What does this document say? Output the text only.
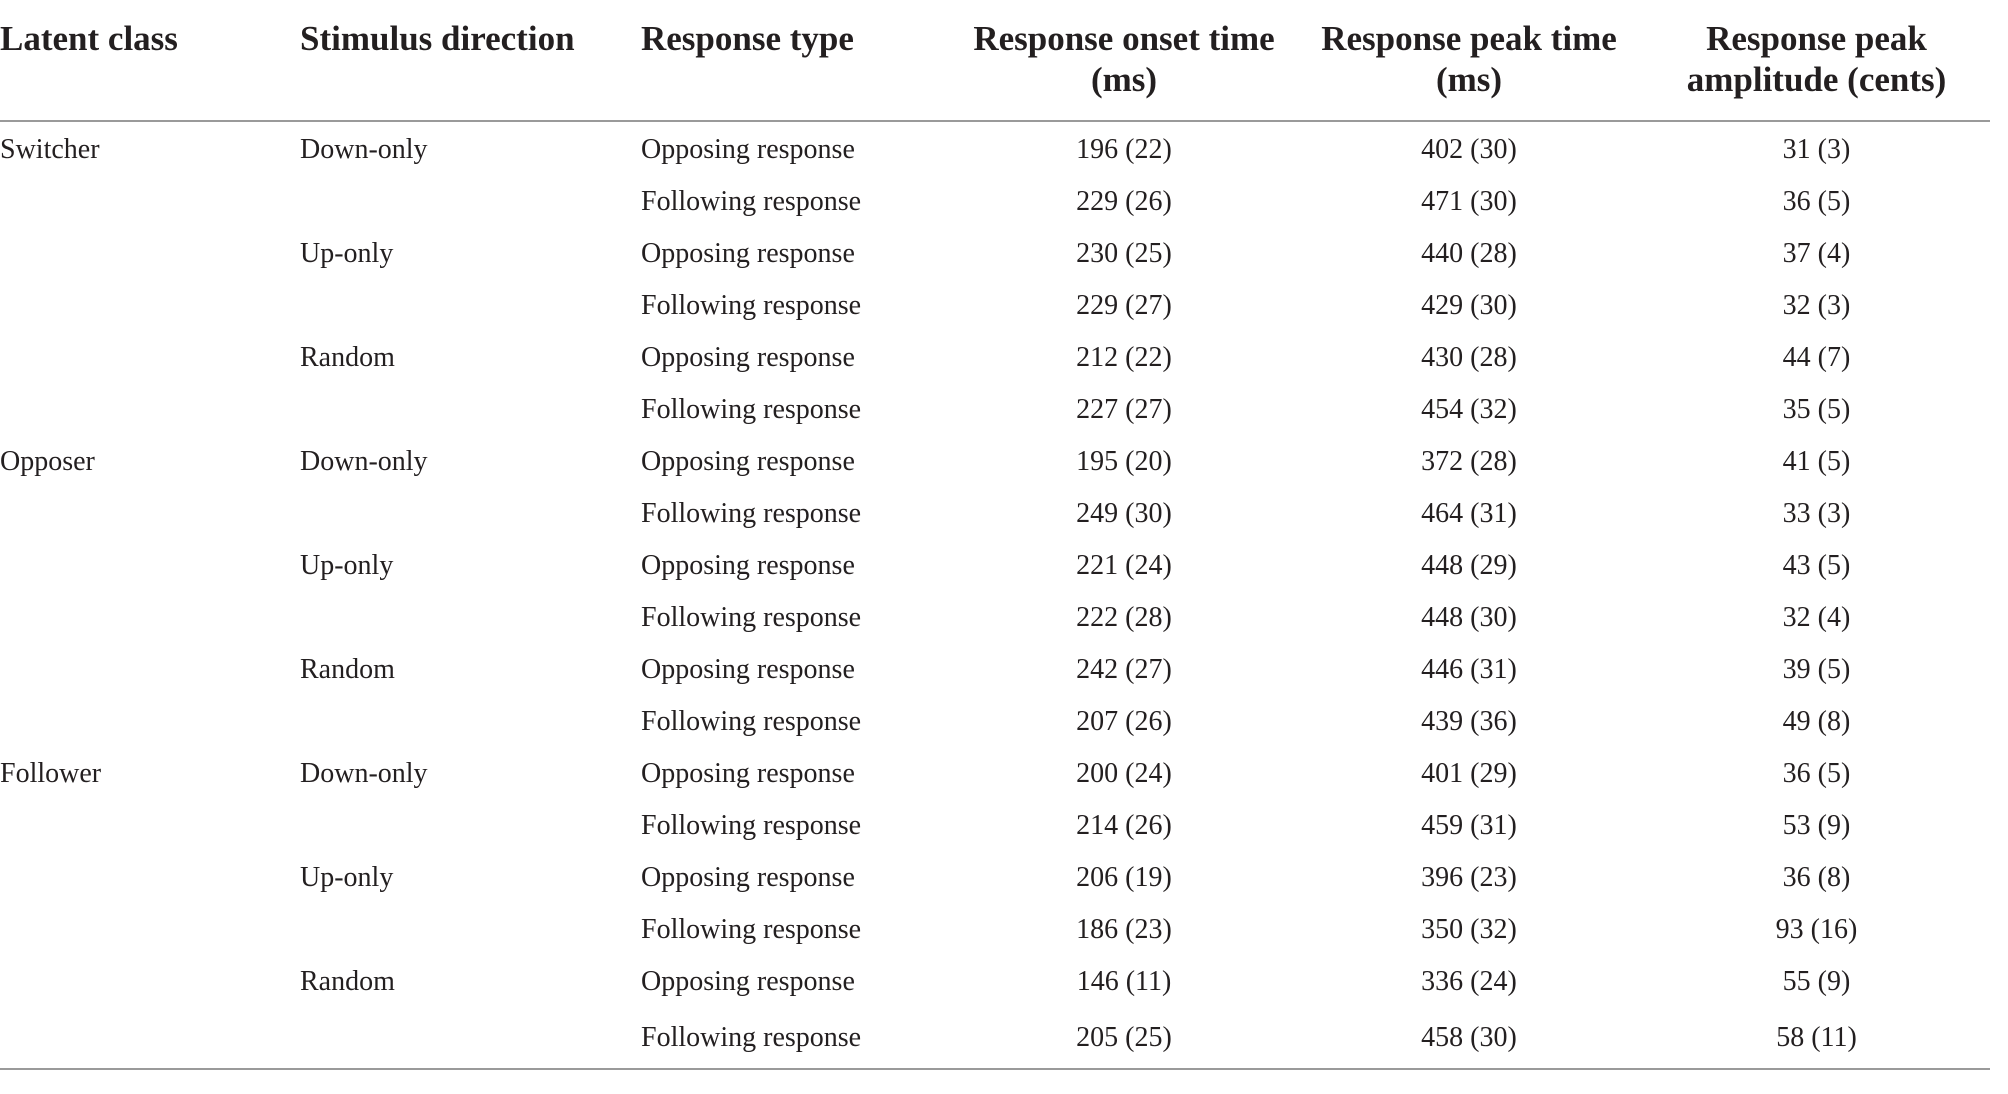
Latent class	Stimulus direction	Response type	Response onset time (ms)	Response peak time (ms)	Response peak amplitude (cents)
Switcher	Down-only	Opposing response	196 (22)	402 (30)	31 (3)
		Following response	229 (26)	471 (30)	36 (5)
	Up-only	Opposing response	230 (25)	440 (28)	37 (4)
		Following response	229 (27)	429 (30)	32 (3)
	Random	Opposing response	212 (22)	430 (28)	44 (7)
		Following response	227 (27)	454 (32)	35 (5)
Opposer	Down-only	Opposing response	195 (20)	372 (28)	41 (5)
		Following response	249 (30)	464 (31)	33 (3)
	Up-only	Opposing response	221 (24)	448 (29)	43 (5)
		Following response	222 (28)	448 (30)	32 (4)
	Random	Opposing response	242 (27)	446 (31)	39 (5)
		Following response	207 (26)	439 (36)	49 (8)
Follower	Down-only	Opposing response	200 (24)	401 (29)	36 (5)
		Following response	214 (26)	459 (31)	53 (9)
	Up-only	Opposing response	206 (19)	396 (23)	36 (8)
		Following response	186 (23)	350 (32)	93 (16)
	Random	Opposing response	146 (11)	336 (24)	55 (9)
		Following response	205 (25)	458 (30)	58 (11)
